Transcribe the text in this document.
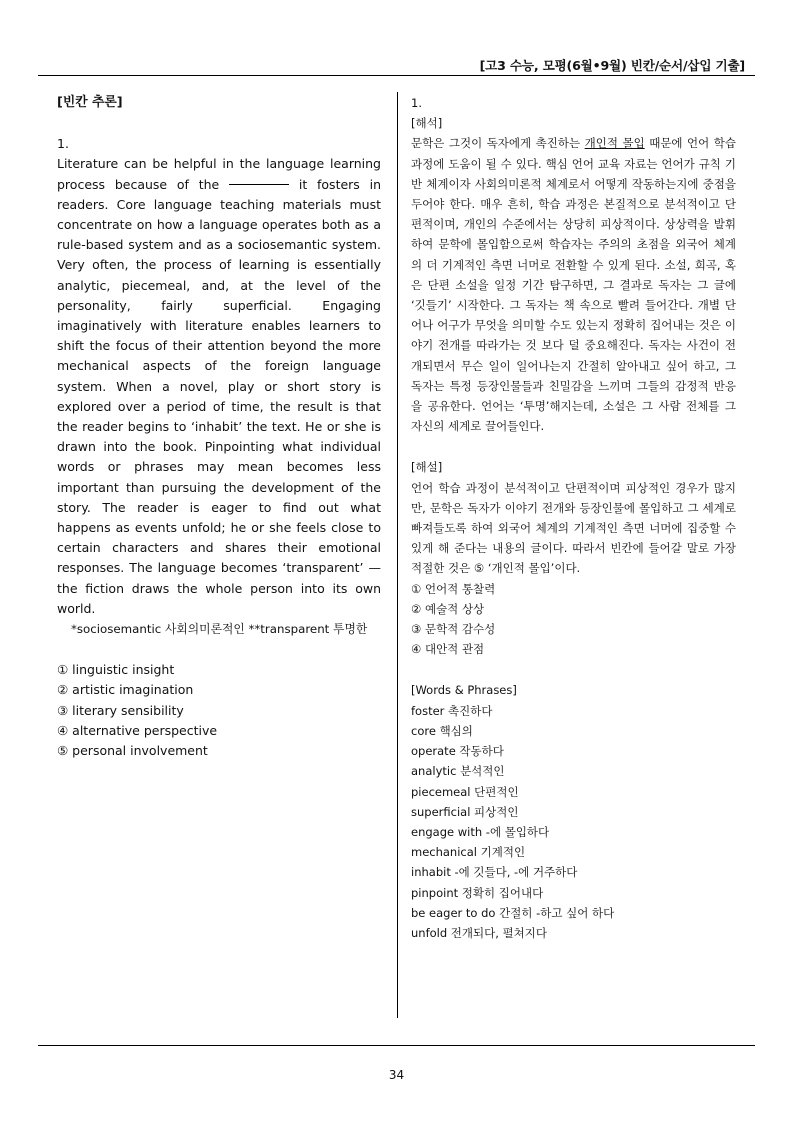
[고3 수능, 모평(6월•9월) 빈칸/순서/삽입 기출]

[빈칸 추론]

1.

Literature can be helpful in the language learning process because of the	it fosters in readers. Core language teaching materials must concentrate on how a language operates both as a rule-based system and as a sociosemantic system. Very often, the process of learning is essentially analytic, piecemeal, and, at the level of the personality, fairly superficial. Engaging imaginatively with literature enables learners to shift the focus of their attention beyond the more mechanical aspects of the foreign language system. When a novel, play or short story is explored over a period of time, the result is that the reader begins to ‘inhabit’ the text. He or she is drawn into the book. Pinpointing what individual words or phrases may mean becomes less important than pursuing the development of the story. The reader is eager to find out what happens as events unfold; he or she feels close to certain characters and shares their emotional responses. The language becomes ‘transparent’ — the fiction draws the whole person into its own world.

*sociosemantic 사회의미론적인 **transparent 투명한

① linguistic insight
② artistic imagination
③ literary sensibility
④ alternative perspective
⑤ personal involvement

1.

[해석]

문학은 그것이 독자에게 촉진하는 개인적 몰입 때문에 언어 학습 과정에 도움이 될 수 있다. 핵심 언어 교육 자료는 언어가 규칙 기반 체계이자 사회의미론적 체계로서 어떻게 작동하는지에 중점을 두어야 한다. 매우 흔히, 학습 과정은 본질적으로 분석적이고 단편적이며, 개인의 수준에서는 상당히 피상적이다. 상상력을 발휘하여 문학에 몰입함으로써 학습자는 주의의 초점을 외국어 체계의 더 기계적인 측면 너머로 전환할 수 있게 된다. 소설, 희곡, 혹은 단편 소설을 일정 기간 탐구하면, 그 결과로 독자는 그 글에 ‘깃들기’ 시작한다. 그 독자는 책 속으로 빨려 들어간다. 개별 단어나 어구가 무엇을 의미할 수도 있는지 정확히 집어내는 것은 이야기 전개를 따라가는 것 보다 덜 중요해진다. 독자는 사건이 전개되면서 무슨 일이 일어나는지 간절히 알아내고 싶어 하고, 그 독자는 특정 등장인물들과 친밀감을 느끼며 그들의 감정적 반응을 공유한다. 언어는 ‘투명’해지는데, 소설은 그 사람 전체를 그 자신의 세계로 끌어들인다.

[해설]

언어 학습 과정이 분석적이고 단편적이며 피상적인 경우가 많지만, 문학은 독자가 이야기 전개와 등장인물에 몰입하고 그 세계로 빠져들도록 하여 외국어 체계의 기계적인 측면 너머에 집중할 수 있게 해 준다는 내용의 글이다. 따라서 빈칸에 들어갈 말로 가장 적절한 것은 ⑤ ‘개인적 몰입’이다.

① 언어적 통찰력

② 예술적 상상

③ 문학적 감수성

④ 대안적 관점

[Words & Phrases]

foster 촉진하다

core 핵심의

operate 작동하다

analytic 분석적인

piecemeal 단편적인

superficial 피상적인

engage with -에 몰입하다

mechanical 기계적인

inhabit -에 깃들다, -에 거주하다

pinpoint 정확히 집어내다

be eager to do 간절히 -하고 싶어 하다

unfold 전개되다, 펼쳐지다

34
